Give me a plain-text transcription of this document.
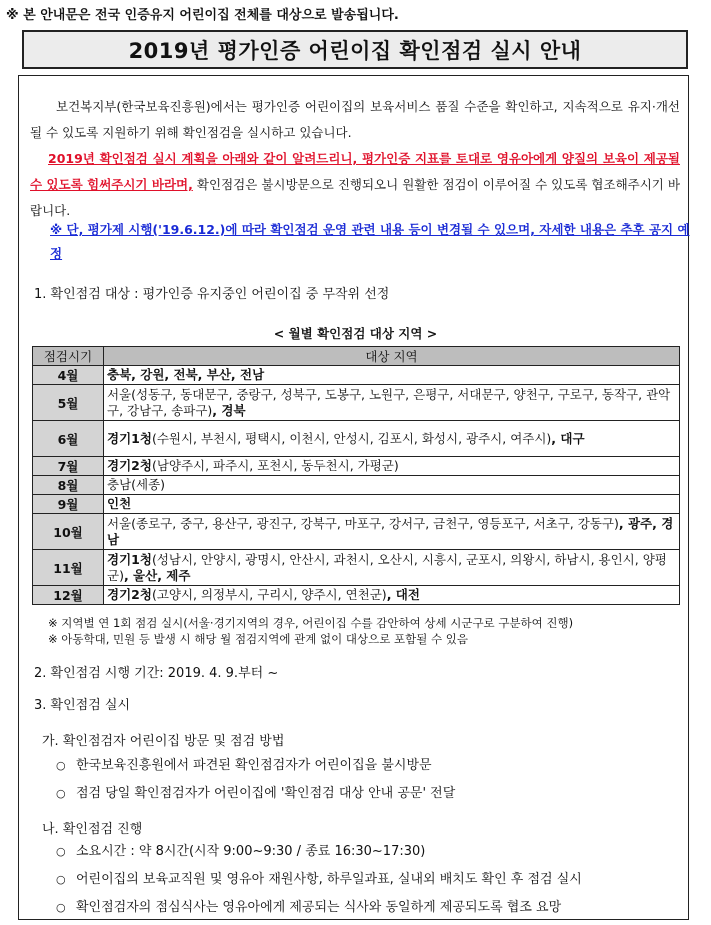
※ 본 안내문은 전국 인증유지 어린이집 전체를 대상으로 발송됩니다.
2019년 평가인증 어린이집 확인점검 실시 안내
보건복지부(한국보육진흥원)에서는 평가인증 어린이집의 보육서비스 품질 수준을 확인하고, 지속적으로 유지·개선될 수 있도록 지원하기 위해 확인점검을 실시하고 있습니다.
2019년 확인점검 실시 계획을 아래와 같이 알려드리니, 평가인증 지표를 토대로 영유아에게 양질의 보육이 제공될 수 있도록 힘써주시기 바라며, 확인점검은 불시방문으로 진행되오니 원활한 점검이 이루어질 수 있도록 협조해주시기 바랍니다.
※ 단, 평가제 시행('19.6.12.)에 따라 확인점검 운영 관련 내용 등이 변경될 수 있으며, 자세한 내용은 추후 공지 예정
1. 확인점검 대상 : 평가인증 유지중인 어린이집 중 무작위 선정
< 월별 확인점검 대상 지역 >
점검시기	대상 지역
4월	충북, 강원, 전북, 부산, 전남
5월	서울(성동구, 동대문구, 중랑구, 성북구, 도봉구, 노원구, 은평구, 서대문구, 양천구, 구로구, 동작구, 관악구, 강남구, 송파구), 경북
6월	경기1청(수원시, 부천시, 평택시, 이천시, 안성시, 김포시, 화성시, 광주시, 여주시), 대구
7월	경기2청(남양주시, 파주시, 포천시, 동두천시, 가평군)
8월	충남(세종)
9월	인천
10월	서울(종로구, 중구, 용산구, 광진구, 강북구, 마포구, 강서구, 금천구, 영등포구, 서초구, 강동구), 광주, 경남
11월	경기1청(성남시, 안양시, 광명시, 안산시, 과천시, 오산시, 시흥시, 군포시, 의왕시, 하남시, 용인시, 양평군), 울산, 제주
12월	경기2청(고양시, 의정부시, 구리시, 양주시, 연천군), 대전
※ 지역별 연 1회 점검 실시(서울·경기지역의 경우, 어린이집 수를 감안하여 상세 시군구로 구분하여 진행)
※ 아동학대, 민원 등 발생 시 해당 월 점검지역에 관계 없이 대상으로 포함될 수 있음
2. 확인점검 시행 기간: 2019. 4. 9.부터 ~
3. 확인점검 실시
가. 확인점검자 어린이집 방문 및 점검 방법
○ 한국보육진흥원에서 파견된 확인점검자가 어린이집을 불시방문
○ 점검 당일 확인점검자가 어린이집에 '확인점검 대상 안내 공문' 전달
나. 확인점검 진행
○ 소요시간 : 약 8시간(시작 9:00~9:30 / 종료 16:30~17:30)
○ 어린이집의 보육교직원 및 영유아 재원사항, 하루일과표, 실내외 배치도 확인 후 점검 실시
○ 확인점검자의 점심식사는 영유아에게 제공되는 식사와 동일하게 제공되도록 협조 요망
